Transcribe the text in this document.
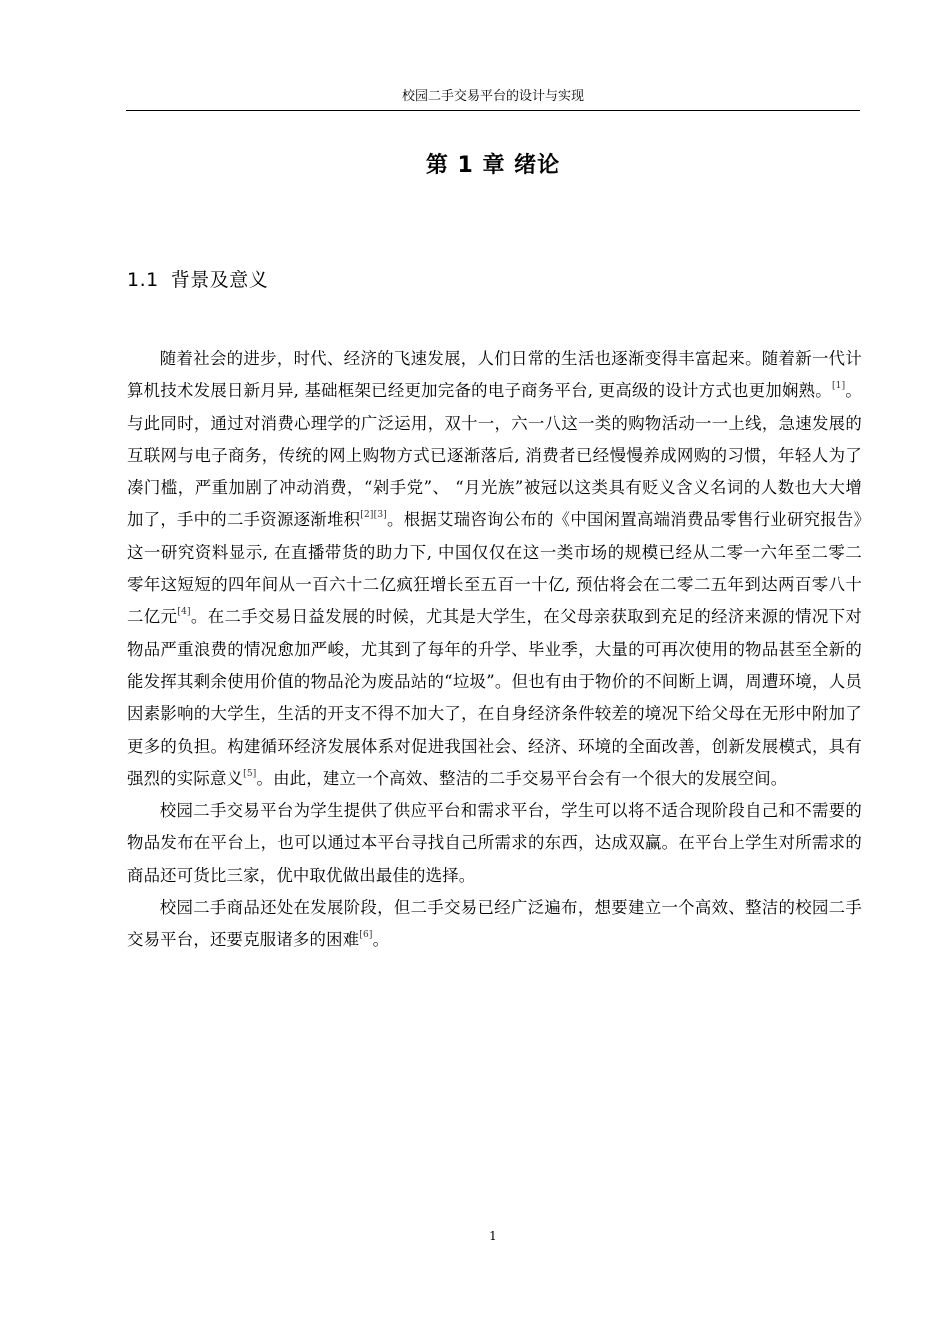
校园二手交易平台的设计与实现
第 1 章 绪论
1.1 背景及意义

随着社会的进步，时代、经济的飞速发展，人们日常的生活也逐渐变得丰富起来。随着新一代计算机技术发展日新月异, 基础框架已经更加完备的电子商务平台, 更高级的设计方式也更加娴熟。[1]。与此同时，通过对消费心理学的广泛运用，双十一，六一八这一类的购物活动一一上线，急速发展的互联网与电子商务，传统的网上购物方式已逐渐落后, 消费者已经慢慢养成网购的习惯，年轻人为了凑门槛，严重加剧了冲动消费，“剁手党”、 “月光族”被冠以这类具有贬义含义名词的人数也大大增加了，手中的二手资源逐渐堆积[2][3]。根据艾瑞咨询公布的《中国闲置高端消费品零售行业研究报告》这一研究资料显示, 在直播带货的助力下, 中国仅仅在这一类市场的规模已经从二零一六年至二零二零年这短短的四年间从一百六十二亿疯狂增长至五百一十亿, 预估将会在二零二五年到达两百零八十二亿元[4]。在二手交易日益发展的时候，尤其是大学生，在父母亲获取到充足的经济来源的情况下对物品严重浪费的情况愈加严峻，尤其到了每年的升学、毕业季，大量的可再次使用的物品甚至全新的能发挥其剩余使用价值的物品沦为废品站的“垃圾”。但也有由于物价的不间断上调，周遭环境，人员因素影响的大学生，生活的开支不得不加大了，在自身经济条件较差的境况下给父母在无形中附加了更多的负担。构建循环经济发展体系对促进我国社会、经济、环境的全面改善，创新发展模式，具有强烈的实际意义[5]。由此，建立一个高效、整洁的二手交易平台会有一个很大的发展空间。

校园二手交易平台为学生提供了供应平台和需求平台，学生可以将不适合现阶段自己和不需要的物品发布在平台上，也可以通过本平台寻找自己所需求的东西，达成双赢。在平台上学生对所需求的商品还可货比三家，优中取优做出最佳的选择。

校园二手商品还处在发展阶段，但二手交易已经广泛遍布，想要建立一个高效、整洁的校园二手交易平台，还要克服诸多的困难[6]。

1
